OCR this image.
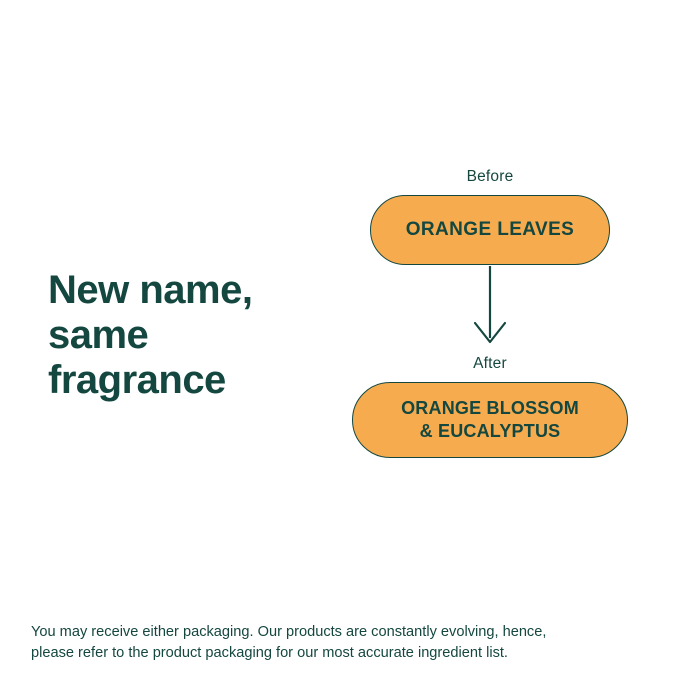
New name,
same
fragrance
Before
ORANGE LEAVES
After
ORANGE BLOSSOM
& EUCALYPTUS
You may receive either packaging. Our products are constantly evolving, hence,
please refer to the product packaging for our most accurate ingredient list.
